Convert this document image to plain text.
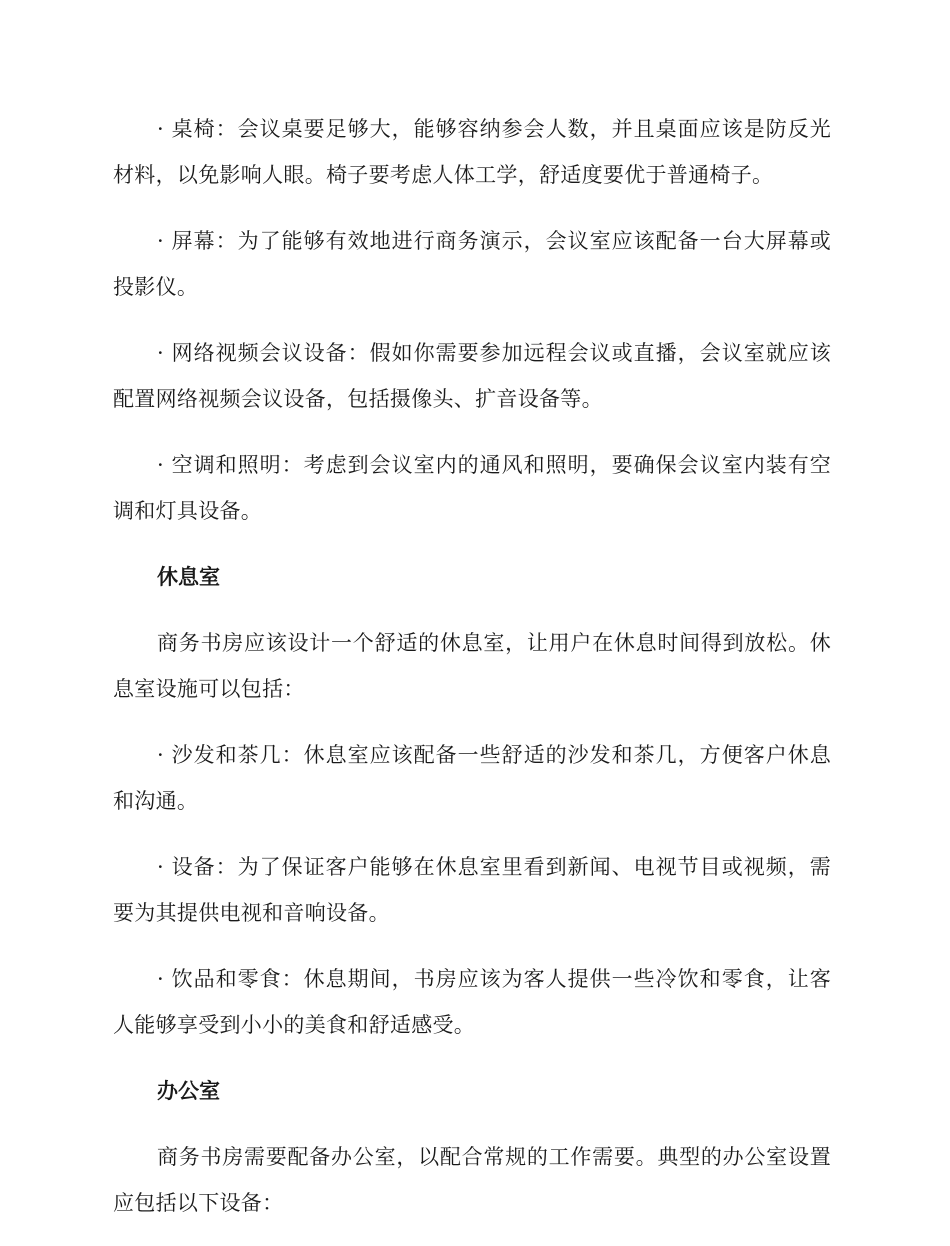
· 桌椅：会议桌要足够大，能够容纳参会人数，并且桌面应该是防反光材料，以免影响人眼。椅子要考虑人体工学，舒适度要优于普通椅子。

· 屏幕：为了能够有效地进行商务演示，会议室应该配备一台大屏幕或投影仪。

· 网络视频会议设备：假如你需要参加远程会议或直播，会议室就应该配置网络视频会议设备，包括摄像头、扩音设备等。

· 空调和照明：考虑到会议室内的通风和照明，要确保会议室内装有空调和灯具设备。

休息室

商务书房应该设计一个舒适的休息室，让用户在休息时间得到放松。休息室设施可以包括：

· 沙发和茶几：休息室应该配备一些舒适的沙发和茶几，方便客户休息和沟通。

· 设备：为了保证客户能够在休息室里看到新闻、电视节目或视频，需要为其提供电视和音响设备。

· 饮品和零食：休息期间，书房应该为客人提供一些冷饮和零食，让客人能够享受到小小的美食和舒适感受。

办公室

商务书房需要配备办公室，以配合常规的工作需要。典型的办公室设置应包括以下设备：
